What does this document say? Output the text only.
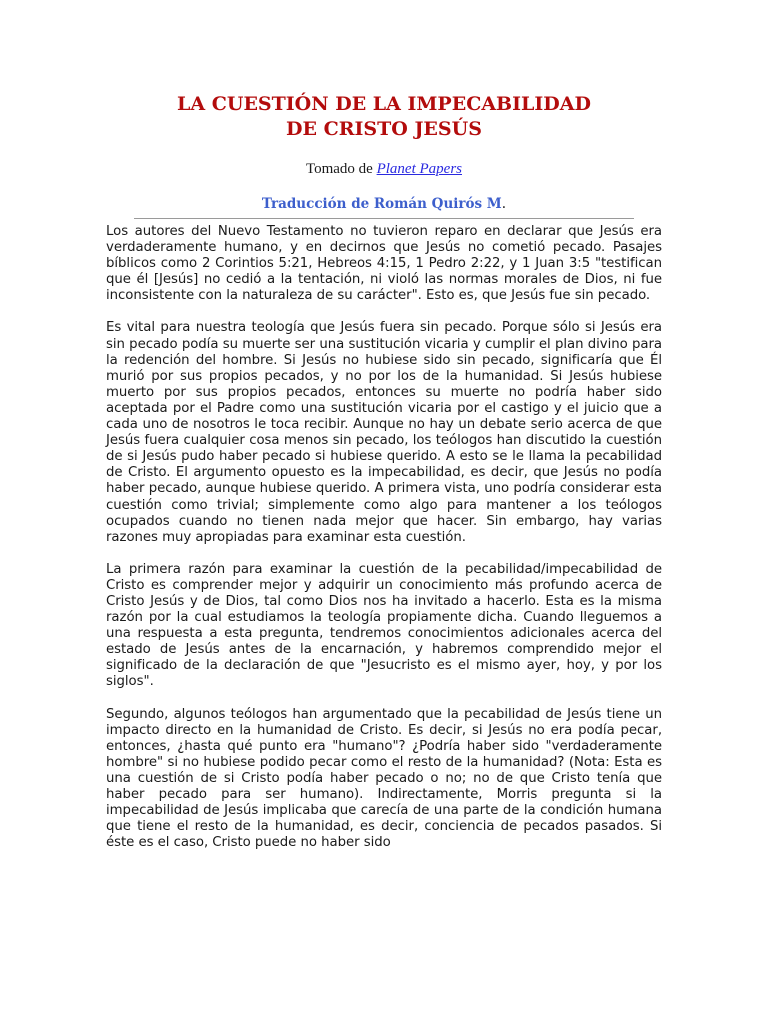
LA CUESTIÓN DE LA IMPECABILIDAD
DE CRISTO JESÚS
Tomado de Planet Papers
Traducción de Román Quirós M.

Los autores del Nuevo Testamento no tuvieron reparo en declarar que Jesús era verdaderamente humano, y en decirnos que Jesús no cometió pecado. Pasajes bíblicos como 2 Corintios 5:21, Hebreos 4:15, 1 Pedro 2:22, y 1 Juan 3:5 "testifican que él [Jesús] no cedió a la tentación, ni violó las normas morales de Dios, ni fue inconsistente con la naturaleza de su carácter". Esto es, que Jesús fue sin pecado.

Es vital para nuestra teología que Jesús fuera sin pecado. Porque sólo si Jesús era sin pecado podía su muerte ser una sustitución vicaria y cumplir el plan divino para la redención del hombre. Si Jesús no hubiese sido sin pecado, significaría que Él murió por sus propios pecados, y no por los de la humanidad. Si Jesús hubiese muerto por sus propios pecados, entonces su muerte no podría haber sido aceptada por el Padre como una sustitución vicaria por el castigo y el juicio que a cada uno de nosotros le toca recibir. Aunque no hay un debate serio acerca de que Jesús fuera cualquier cosa menos sin pecado, los teólogos han discutido la cuestión de si Jesús pudo haber pecado si hubiese querido. A esto se le llama la pecabilidad de Cristo. El argumento opuesto es la impecabilidad, es decir, que Jesús no podía haber pecado, aunque hubiese querido. A primera vista, uno podría considerar esta cuestión como trivial; simplemente como algo para mantener a los teólogos ocupados cuando no tienen nada mejor que hacer. Sin embargo, hay varias razones muy apropiadas para examinar esta cuestión.

La primera razón para examinar la cuestión de la pecabilidad/impecabilidad de Cristo es comprender mejor y adquirir un conocimiento más profundo acerca de Cristo Jesús y de Dios, tal como Dios nos ha invitado a hacerlo. Esta es la misma razón por la cual estudiamos la teología propiamente dicha. Cuando lleguemos a una respuesta a esta pregunta, tendremos conocimientos adicionales acerca del estado de Jesús antes de la encarnación, y habremos comprendido mejor el significado de la declaración de que "Jesucristo es el mismo ayer, hoy, y por los siglos".

Segundo, algunos teólogos han argumentado que la pecabilidad de Jesús tiene un impacto directo en la humanidad de Cristo. Es decir, si Jesús no era podía pecar, entonces, ¿hasta qué punto era "humano"? ¿Podría haber sido "verdaderamente hombre" si no hubiese podido pecar como el resto de la humanidad? (Nota: Esta es una cuestión de si Cristo podía haber pecado o no; no de que Cristo tenía que haber pecado para ser humano). Indirectamente, Morris pregunta si la impecabilidad de Jesús implicaba que carecía de una parte de la condición humana que tiene el resto de la humanidad, es decir, conciencia de pecados pasados. Si éste es el caso, Cristo puede no haber sido
